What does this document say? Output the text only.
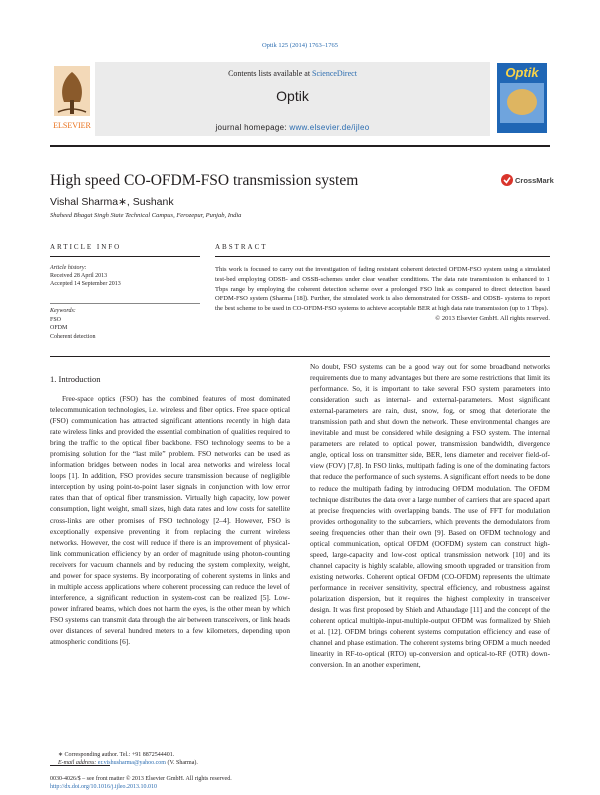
Optik 125 (2014) 1763–1765
ELSEVIER
Contents lists available at ScienceDirect
Optik
journal homepage: www.elsevier.de/ijleo
Optik
High speed CO-OFDM-FSO transmission system	CrossMark
Vishal Sharma∗, Sushank
Shaheed Bhagat Singh State Technical Campus, Ferozepur, Punjab, India
ARTICLE INFO	ABSTRACT
Article history:
Received 28 April 2013
Accepted 14 September 2013
Keywords:
FSO
OFDM
Coherent detection
This work is focused to carry out the investigation of fading resistant coherent detected OFDM-FSO system using a simulated test-bed employing ODSB- and OSSB-schemes under clear weather conditions. The data rate transmission is enhanced to 1 Tbps range by employing the coherent detection scheme over a prolonged FSO link as compared to direct detection based OFDM-FSO system (Sharma [18]). Further, the simulated work is also demonstrated for OSSB- and ODSB- systems to report the best scheme to be used in CO-OFDM-FSO systems to achieve acceptable BER at high data rate transmission (up to 1 Tbps).
© 2013 Elsevier GmbH. All rights reserved.
1. Introduction
Free-space optics (FSO) has the combined features of most dominated telecommunication technologies, i.e. wireless and fiber optics. Free space optical (FSO) communication has attracted significant attentions recently in high data rate wireless links and provided the essential combination of qualities required to bring the traffic to the optical fiber backbone. FSO technology seems to be a promising solution for the “last mile” problem. FSO networks can be used as information bridges between nodes in local area networks and wireless local loops [1]. In addition, FSO provides secure transmission because of negligible interception by using point-to-point laser signals in conjunction with low error rates than that of optical fiber transmission. Virtually high capacity, low power consumption, light weight, small sizes, high data rates and low costs for satellite cross-links are other promises of FSO technology [2–4]. However, FSO is exceptionally expensive preventing it from replacing the current wireless networks. However, the cost will reduce if there is an improvement of physical-link communication efficiency by an order of magnitude using photon-counting receivers for vacuum channels and by reducing the system complexity, weight, and power for space systems. By incorporating of coherent systems in links and in multiple access applications where coherent processing can reduce the level of interference, a significant reduction in system-cost can be realized [5]. Low-power infrared beams, which does not harm the eyes, is the other mean by which FSO systems can transmit data through the air between transceivers, or link heads over distances of several hundred meters to a few kilometers, depending upon atmospheric conditions [6].
No doubt, FSO systems can be a good way out for some broadband networks requirements due to many advantages but there are some restrictions that limit its performance. So, it is important to take several FSO system parameters into consideration such as internal- and external-parameters. Most significant external-parameters are rain, dust, snow, fog, or smog that deteriorate the transmission path and shut down the network. These environmental changes are inevitable and must be considered while designing a FSO system. The internal parameters are related to optical power, transmission bandwidth, divergence angle, optical loss on transmitter side, BER, lens diameter and receiver field-of-view (FOV) [7,8]. In FSO links, multipath fading is one of the dominating factors that reduce the performance of such systems. A significant effort needs to be done to reduce the multipath fading by introducing OFDM modulation. The OFDM technique distributes the data over a large number of carriers that are spaced apart at precise frequencies with overlapping bands. The use of FFT for modulation provides orthogonality to the subcarriers, which prevents the demodulators from seeing frequencies other than their own [9]. Based on OFDM technology and optical communication, optical OFDM (OOFDM) system can construct high-speed, large-capacity and low-cost optical transmission network [10] and its channel capacity is highly scalable, allowing smooth upgraded or transition from existing networks. Coherent optical OFDM (CO-OFDM) represents the ultimate performance in receiver sensitivity, spectral efficiency, and robustness against polarization dispersion, but it requires the highest complexity in transceiver design. It was first proposed by Shieh and Athaudage [11] and the concept of the coherent optical multiple-input-multiple-output OFDM was formalized by Shieh et al. [12]. OFDM brings coherent systems computation efficiency and ease of channel and phase estimation. The coherent systems bring OFDM a much needed linearity in RF-to-optical (RTO) up-conversion and optical-to-RF (OTR) down-conversion. In an another experiment,
∗ Corresponding author. Tel.: +91 8872544401.
E-mail address: er.vishusharma@yahoo.com (V. Sharma).
0030-4026/$ – see front matter © 2013 Elsevier GmbH. All rights reserved.
http://dx.doi.org/10.1016/j.ijleo.2013.10.010
